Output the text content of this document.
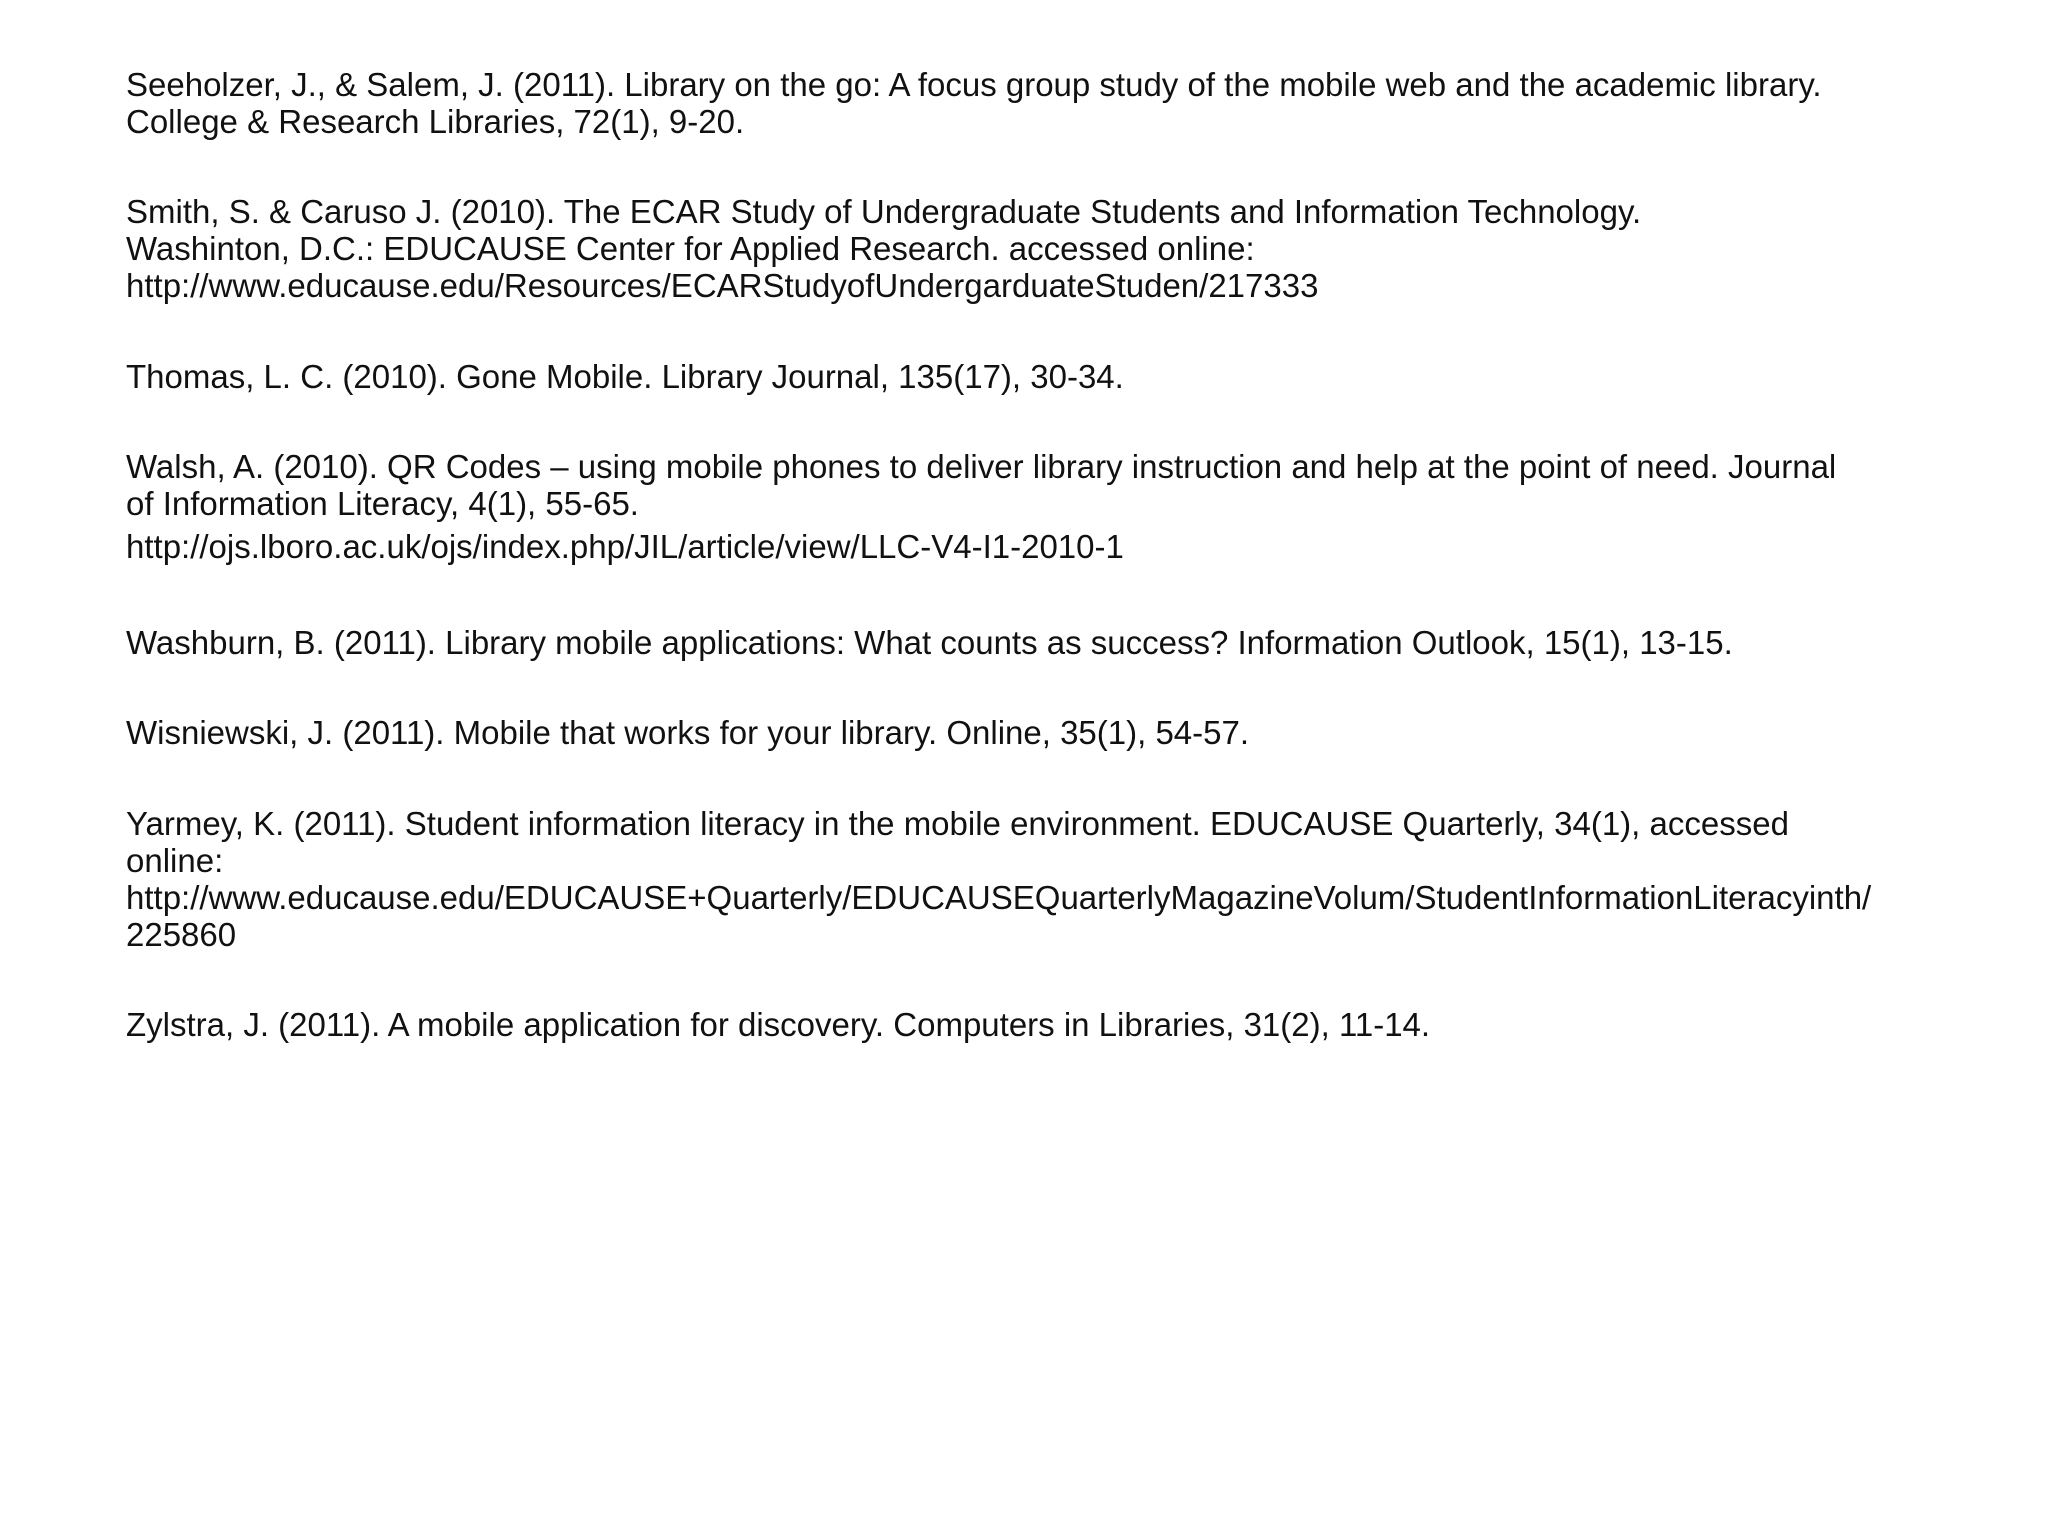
Seeholzer, J., & Salem, J. (2011). Library on the go: A focus group study of the mobile web and the academic library.
College & Research Libraries, 72(1), 9-20.
Smith, S. & Caruso J. (2010). The ECAR Study of Undergraduate Students and Information Technology.
Washinton, D.C.: EDUCAUSE Center for Applied Research. accessed online:
http://www.educause.edu/Resources/ECARStudyofUndergarduateStuden/217333
Thomas, L. C. (2010). Gone Mobile. Library Journal, 135(17), 30-34.
Walsh, A. (2010). QR Codes – using mobile phones to deliver library instruction and help at the point of need. Journal
of Information Literacy, 4(1), 55-65.
http://ojs.lboro.ac.uk/ojs/index.php/JIL/article/view/LLC-V4-I1-2010-1
Washburn, B. (2011). Library mobile applications: What counts as success? Information Outlook, 15(1), 13-15.
Wisniewski, J. (2011). Mobile that works for your library. Online, 35(1), 54-57.
Yarmey, K. (2011). Student information literacy in the mobile environment. EDUCAUSE Quarterly, 34(1), accessed
online:
http://www.educause.edu/EDUCAUSE+Quarterly/EDUCAUSEQuarterlyMagazineVolum/StudentInformationLiteracyinth/
225860
Zylstra, J. (2011). A mobile application for discovery. Computers in Libraries, 31(2), 11-14.
